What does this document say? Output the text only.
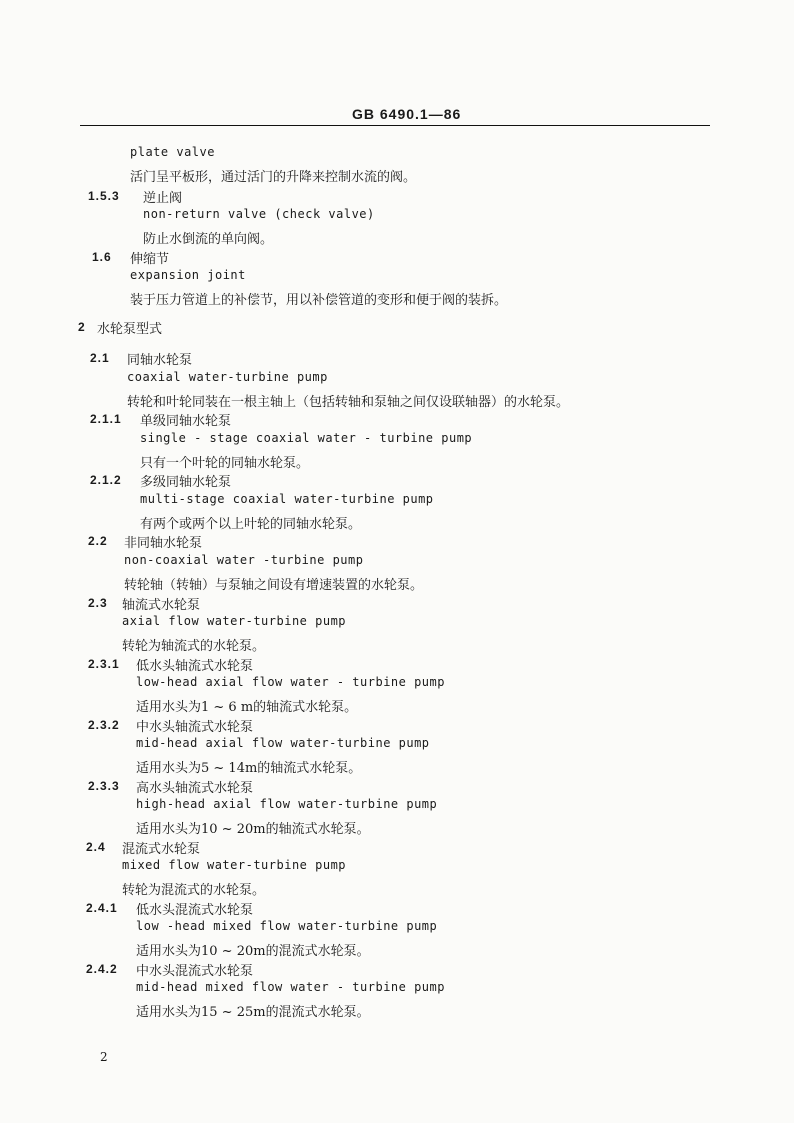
GB 6490.1—86
plate valve
活门呈平板形，通过活门的升降来控制水流的阀。
1.5.3 逆止阀
non-return valve (check valve)
防止水倒流的单向阀。
1.6 伸缩节
expansion joint
装于压力管道上的补偿节，用以补偿管道的变形和便于阀的装拆。
2 水轮泵型式
2.1 同轴水轮泵
coaxial water-turbine pump
转轮和叶轮同装在一根主轴上（包括转轴和泵轴之间仅设联轴器）的水轮泵。
2.1.1 单级同轴水轮泵
single - stage coaxial water - turbine pump
只有一个叶轮的同轴水轮泵。
2.1.2 多级同轴水轮泵
multi-stage coaxial water-turbine pump
有两个或两个以上叶轮的同轴水轮泵。
2.2 非同轴水轮泵
non-coaxial water -turbine pump
转轮轴（转轴）与泵轴之间设有增速装置的水轮泵。
2.3 轴流式水轮泵
axial flow water-turbine pump
转轮为轴流式的水轮泵。
2.3.1 低水头轴流式水轮泵
low-head axial flow water - turbine pump
适用水头为1 ~ 6 m的轴流式水轮泵。
2.3.2 中水头轴流式水轮泵
mid-head axial flow water-turbine pump
适用水头为5 ~ 14m的轴流式水轮泵。
2.3.3 高水头轴流式水轮泵
high-head axial flow water-turbine pump
适用水头为10 ~ 20m的轴流式水轮泵。
2.4 混流式水轮泵
mixed flow water-turbine pump
转轮为混流式的水轮泵。
2.4.1 低水头混流式水轮泵
low -head mixed flow water-turbine pump
适用水头为10 ~ 20m的混流式水轮泵。
2.4.2 中水头混流式水轮泵
mid-head mixed flow water - turbine pump
适用水头为15 ~ 25m的混流式水轮泵。
2
